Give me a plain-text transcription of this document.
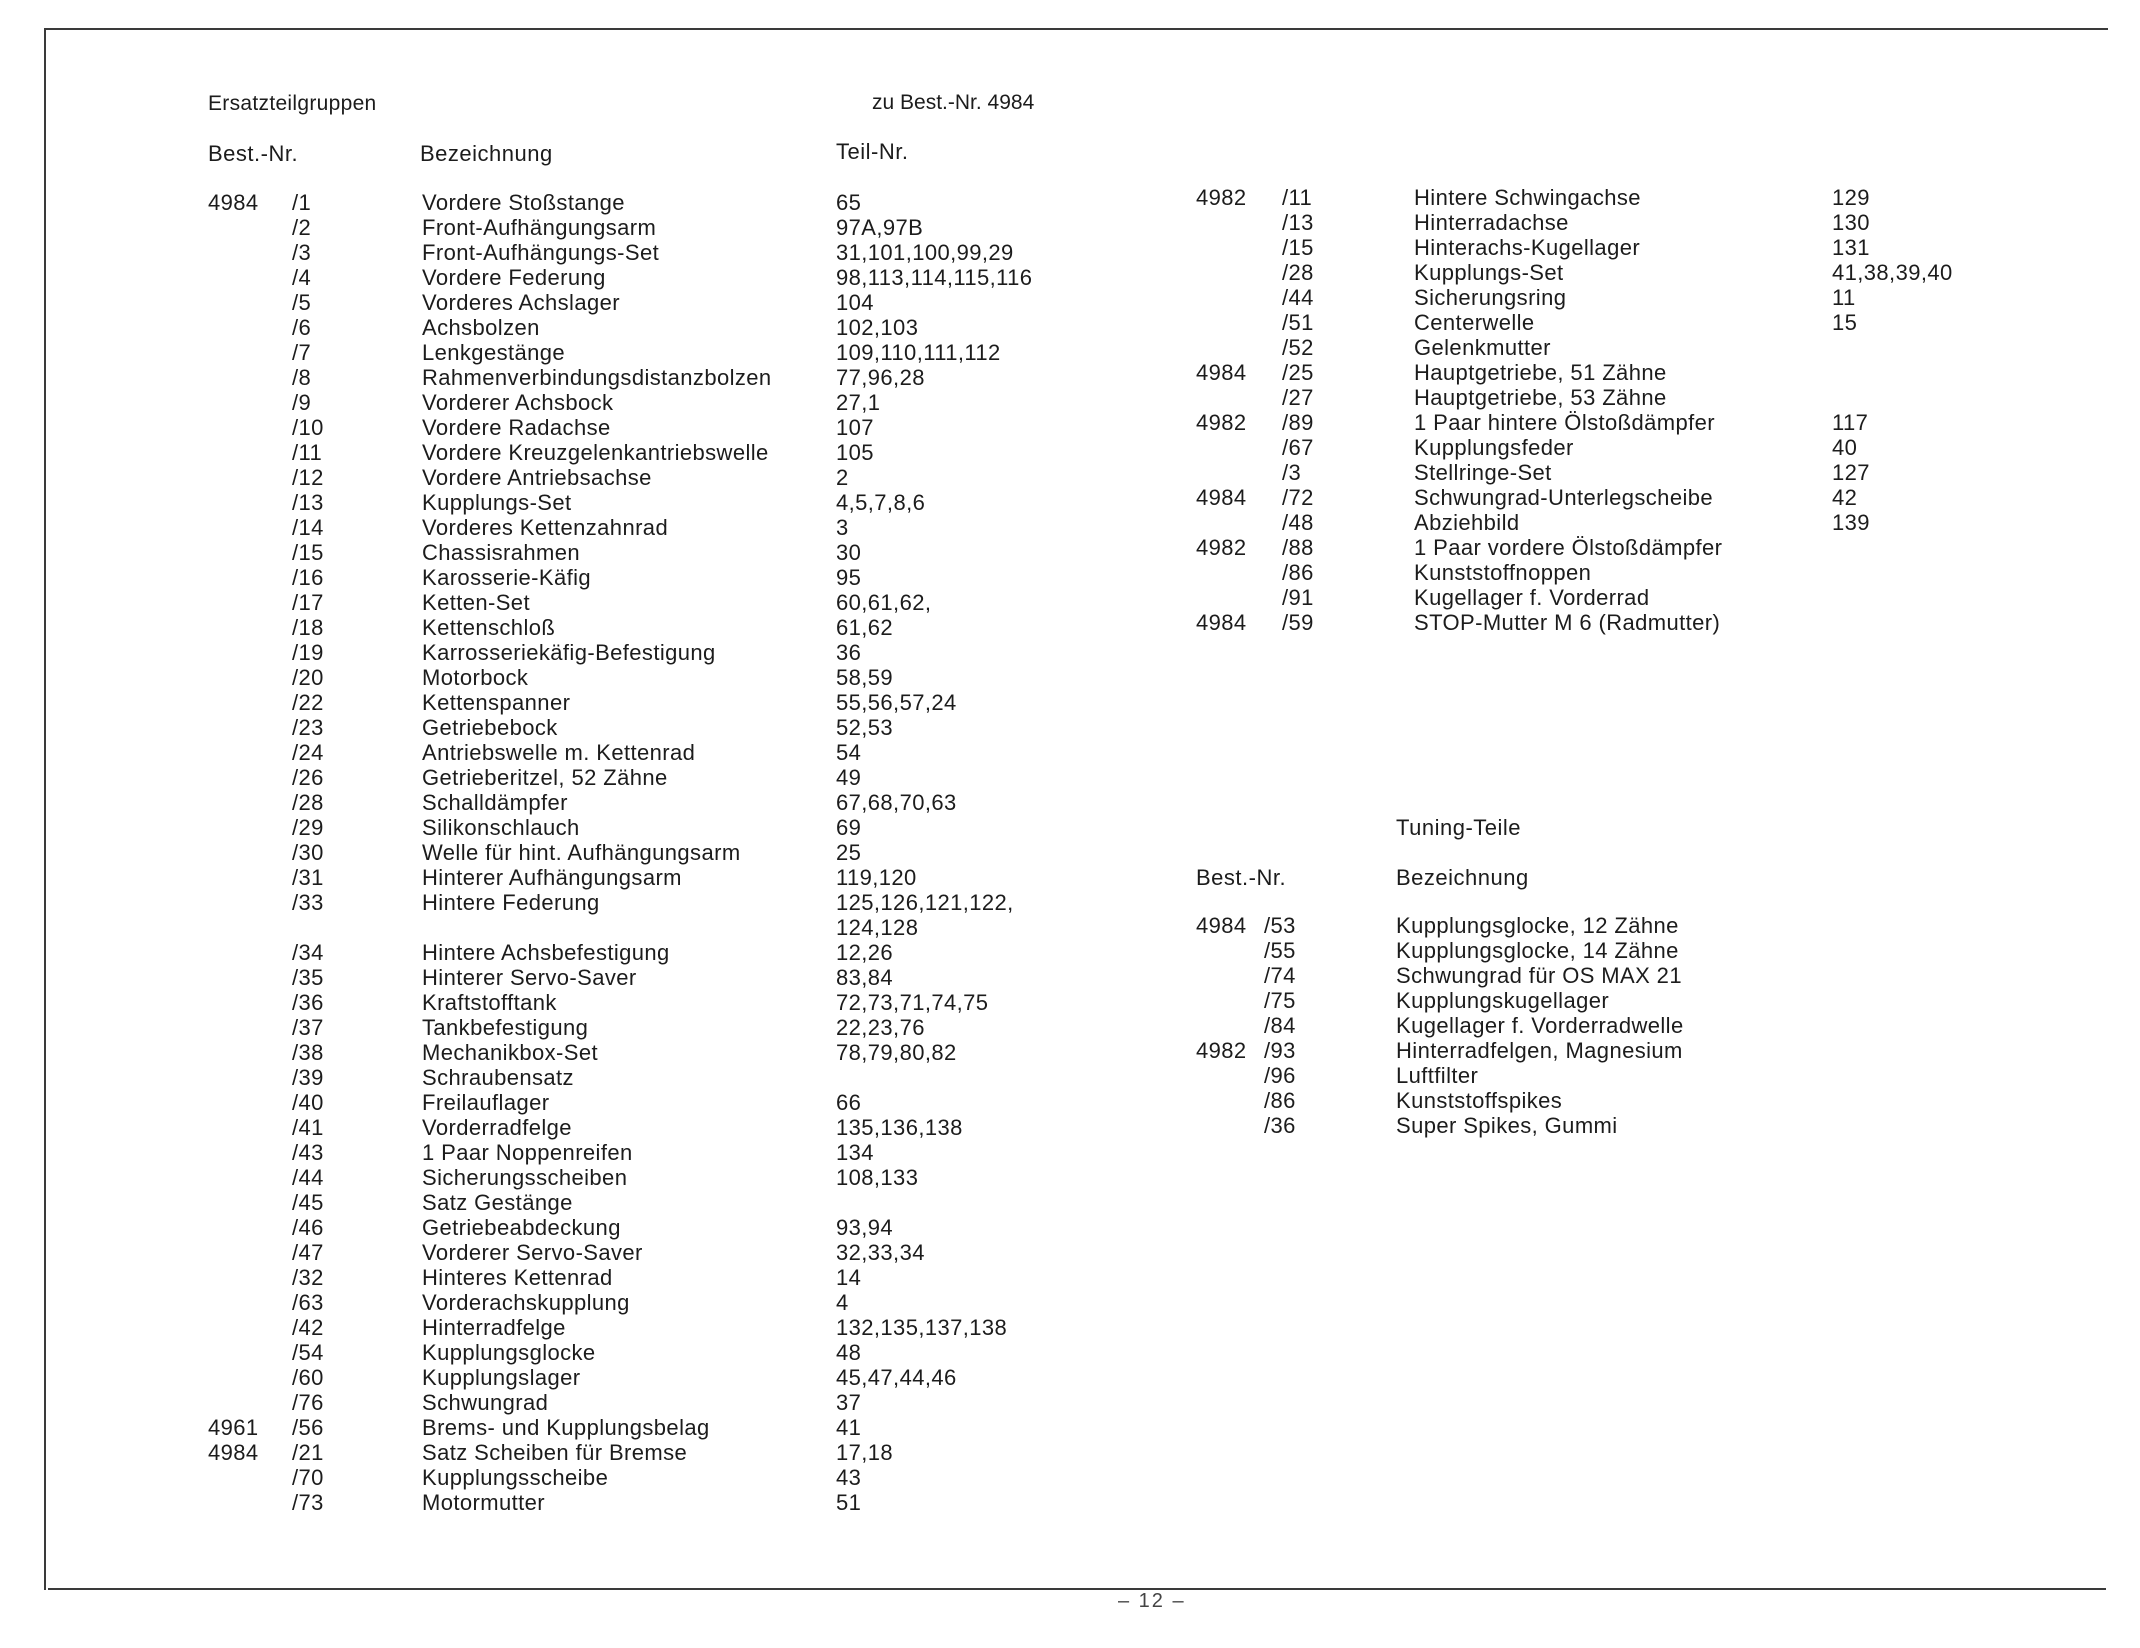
Ersatzteilgruppen	zu Best.-Nr. 4984
Best.-Nr.	Bezeichnung	Teil-Nr.
4984 /1	Vordere Stoßstange	65
/2	Front-Aufhängungsarm	97A,97B
/3	Front-Aufhängungs-Set	31,101,100,99,29
/4	Vordere Federung	98,113,114,115,116
/5	Vorderes Achslager	104
/6	Achsbolzen	102,103
/7	Lenkgestänge	109,110,111,112
/8	Rahmenverbindungsdistanzbolzen	77,96,28
/9	Vorderer Achsbock	27,1
/10	Vordere Radachse	107
/11	Vordere Kreuzgelenkantriebswelle	105
/12	Vordere Antriebsachse	2
/13	Kupplungs-Set	4,5,7,8,6
/14	Vorderes Kettenzahnrad	3
/15	Chassisrahmen	30
/16	Karosserie-Käfig	95
/17	Ketten-Set	60,61,62,
/18	Kettenschloß	61,62
/19	Karrosseriekäfig-Befestigung	36
/20	Motorbock	58,59
/22	Kettenspanner	55,56,57,24
/23	Getriebebock	52,53
/24	Antriebswelle m. Kettenrad	54
/26	Getrieberitzel, 52 Zähne	49
/28	Schalldämpfer	67,68,70,63
/29	Silikonschlauch	69
/30	Welle für hint. Aufhängungsarm	25
/31	Hinterer Aufhängungsarm	119,120
/33	Hintere Federung	125,126,121,122,
124,128
/34	Hintere Achsbefestigung	12,26
/35	Hinterer Servo-Saver	83,84
/36	Kraftstofftank	72,73,71,74,75
/37	Tankbefestigung	22,23,76
/38	Mechanikbox-Set	78,79,80,82
/39	Schraubensatz
/40	Freilauflager	66
/41	Vorderradfelge	135,136,138
/43	1 Paar Noppenreifen	134
/44	Sicherungsscheiben	108,133
/45	Satz Gestänge
/46	Getriebeabdeckung	93,94
/47	Vorderer Servo-Saver	32,33,34
/32	Hinteres Kettenrad	14
/63	Vorderachskupplung	4
/42	Hinterradfelge	132,135,137,138
/54	Kupplungsglocke	48
/60	Kupplungslager	45,47,44,46
/76	Schwungrad	37
4961 /56	Brems- und Kupplungsbelag	41
4984 /21	Satz Scheiben für Bremse	17,18
/70	Kupplungsscheibe	43
/73	Motormutter	51
4982 /11	Hintere Schwingachse	129
/13	Hinterradachse	130
/15	Hinterachs-Kugellager	131
/28	Kupplungs-Set	41,38,39,40
/44	Sicherungsring	11
/51	Centerwelle	15
/52	Gelenkmutter
4984 /25	Hauptgetriebe, 51 Zähne
/27	Hauptgetriebe, 53 Zähne
4982 /89	1 Paar hintere Ölstoßdämpfer	117
/67	Kupplungsfeder	40
/3	Stellringe-Set	127
4984 /72	Schwungrad-Unterlegscheibe	42
/48	Abziehbild	139
4982 /88	1 Paar vordere Ölstoßdämpfer
/86	Kunststoffnoppen
/91	Kugellager f. Vorderrad
4984 /59	STOP-Mutter M 6 (Radmutter)
Tuning-Teile
Best.-Nr.	Bezeichnung
4984 /53	Kupplungsglocke, 12 Zähne
/55	Kupplungsglocke, 14 Zähne
/74	Schwungrad für OS MAX 21
/75	Kupplungskugellager
/84	Kugellager f. Vorderradwelle
4982 /93	Hinterradfelgen, Magnesium
/96	Luftfilter
/86	Kunststoffspikes
/36	Super Spikes, Gummi
– 12 –
